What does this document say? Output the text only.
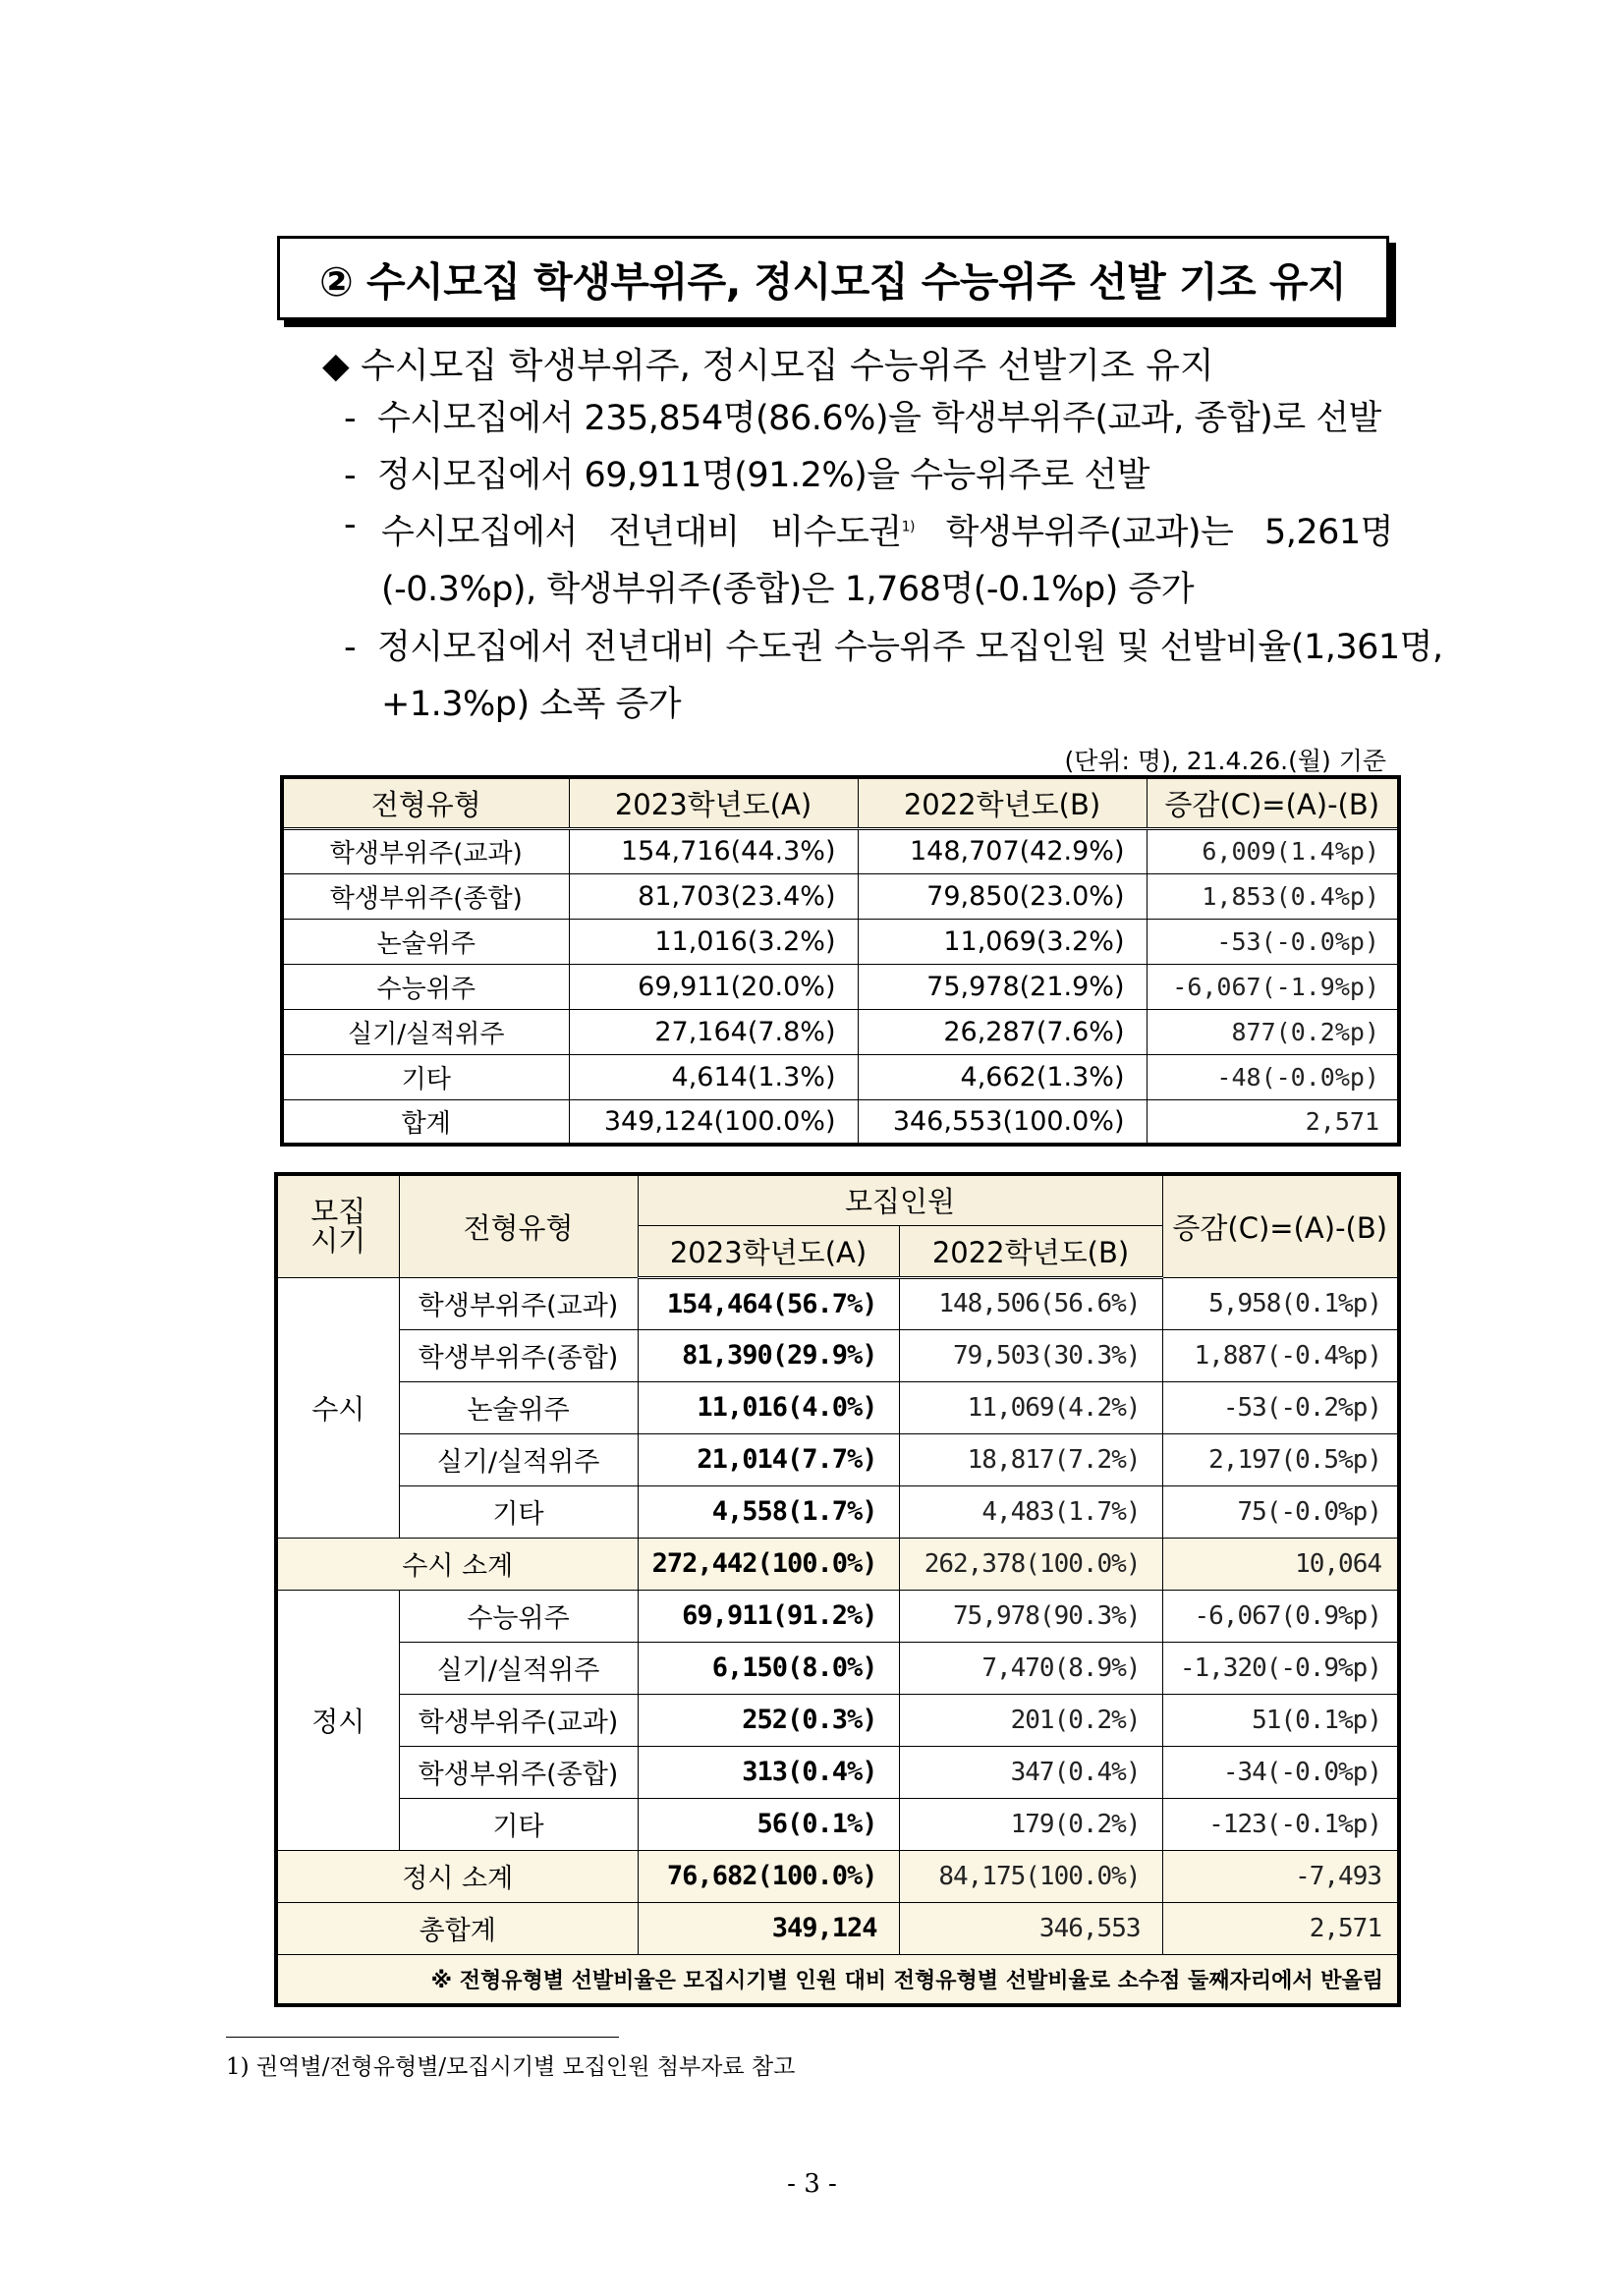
② 수시모집 학생부위주, 정시모집 수능위주 선발 기조 유지
◆ 수시모집 학생부위주, 정시모집 수능위주 선발기조 유지
- 수시모집에서 235,854명(86.6%)을 학생부위주(교과, 종합)로 선발
- 정시모집에서 69,911명(91.2%)을 수능위주로 선발
- 수시모집에서 전년대비 비수도권$^{1)}$ 학생부위주(교과)는 5,261명
(-0.3%p), 학생부위주(종합)은 1,768명(-0.1%p) 증가
- 정시모집에서 전년대비 수도권 수능위주 모집인원 및 선발비율(1,361명,
+1.3%p) 소폭 증가
(단위: 명), 21.4.26.(월) 기준
전형유형	2023학년도(A)	2022학년도(B)	증감(C)=(A)-(B)
학생부위주(교과)	154,716(44.3%)	148,707(42.9%)	6,009(1.4%p)
학생부위주(종합)	81,703(23.4%)	79,850(23.0%)	1,853(0.4%p)
논술위주	11,016(3.2%)	11,069(3.2%)	-53(-0.0%p)
수능위주	69,911(20.0%)	75,978(21.9%)	-6,067(-1.9%p)
실기/실적위주	27,164(7.8%)	26,287(7.6%)	877(0.2%p)
기타	4,614(1.3%)	4,662(1.3%)	-48(-0.0%p)
합계	349,124(100.0%)	346,553(100.0%)	2,571
모집
시기	전형유형	모집인원		증감(C)=(A)-(B)
		2023학년도(A)	2022학년도(B)	
수시	학생부위주(교과)	154,464(56.7%)	148,506(56.6%)	5,958(0.1%p)
	학생부위주(종합)	81,390(29.9%)	79,503(30.3%)	1,887(-0.4%p)
	논술위주	11,016(4.0%)	11,069(4.2%)	-53(-0.2%p)
	실기/실적위주	21,014(7.7%)	18,817(7.2%)	2,197(0.5%p)
	기타	4,558(1.7%)	4,483(1.7%)	75(-0.0%p)
수시 소계		272,442(100.0%)	262,378(100.0%)	10,064
정시	수능위주	69,911(91.2%)	75,978(90.3%)	-6,067(0.9%p)
	실기/실적위주	6,150(8.0%)	7,470(8.9%)	-1,320(-0.9%p)
	학생부위주(교과)	252(0.3%)	201(0.2%)	51(0.1%p)
	학생부위주(종합)	313(0.4%)	347(0.4%)	-34(-0.0%p)
	기타	56(0.1%)	179(0.2%)	-123(-0.1%p)
정시 소계		76,682(100.0%)	84,175(100.0%)	-7,493
총합계		349,124	346,553	2,571
※ 전형유형별 선발비율은 모집시기별 인원 대비 전형유형별 선발비율로 소수점 둘째자리에서 반올림				
1) 권역별/전형유형별/모집시기별 모집인원 첨부자료 참고
- 3 -
